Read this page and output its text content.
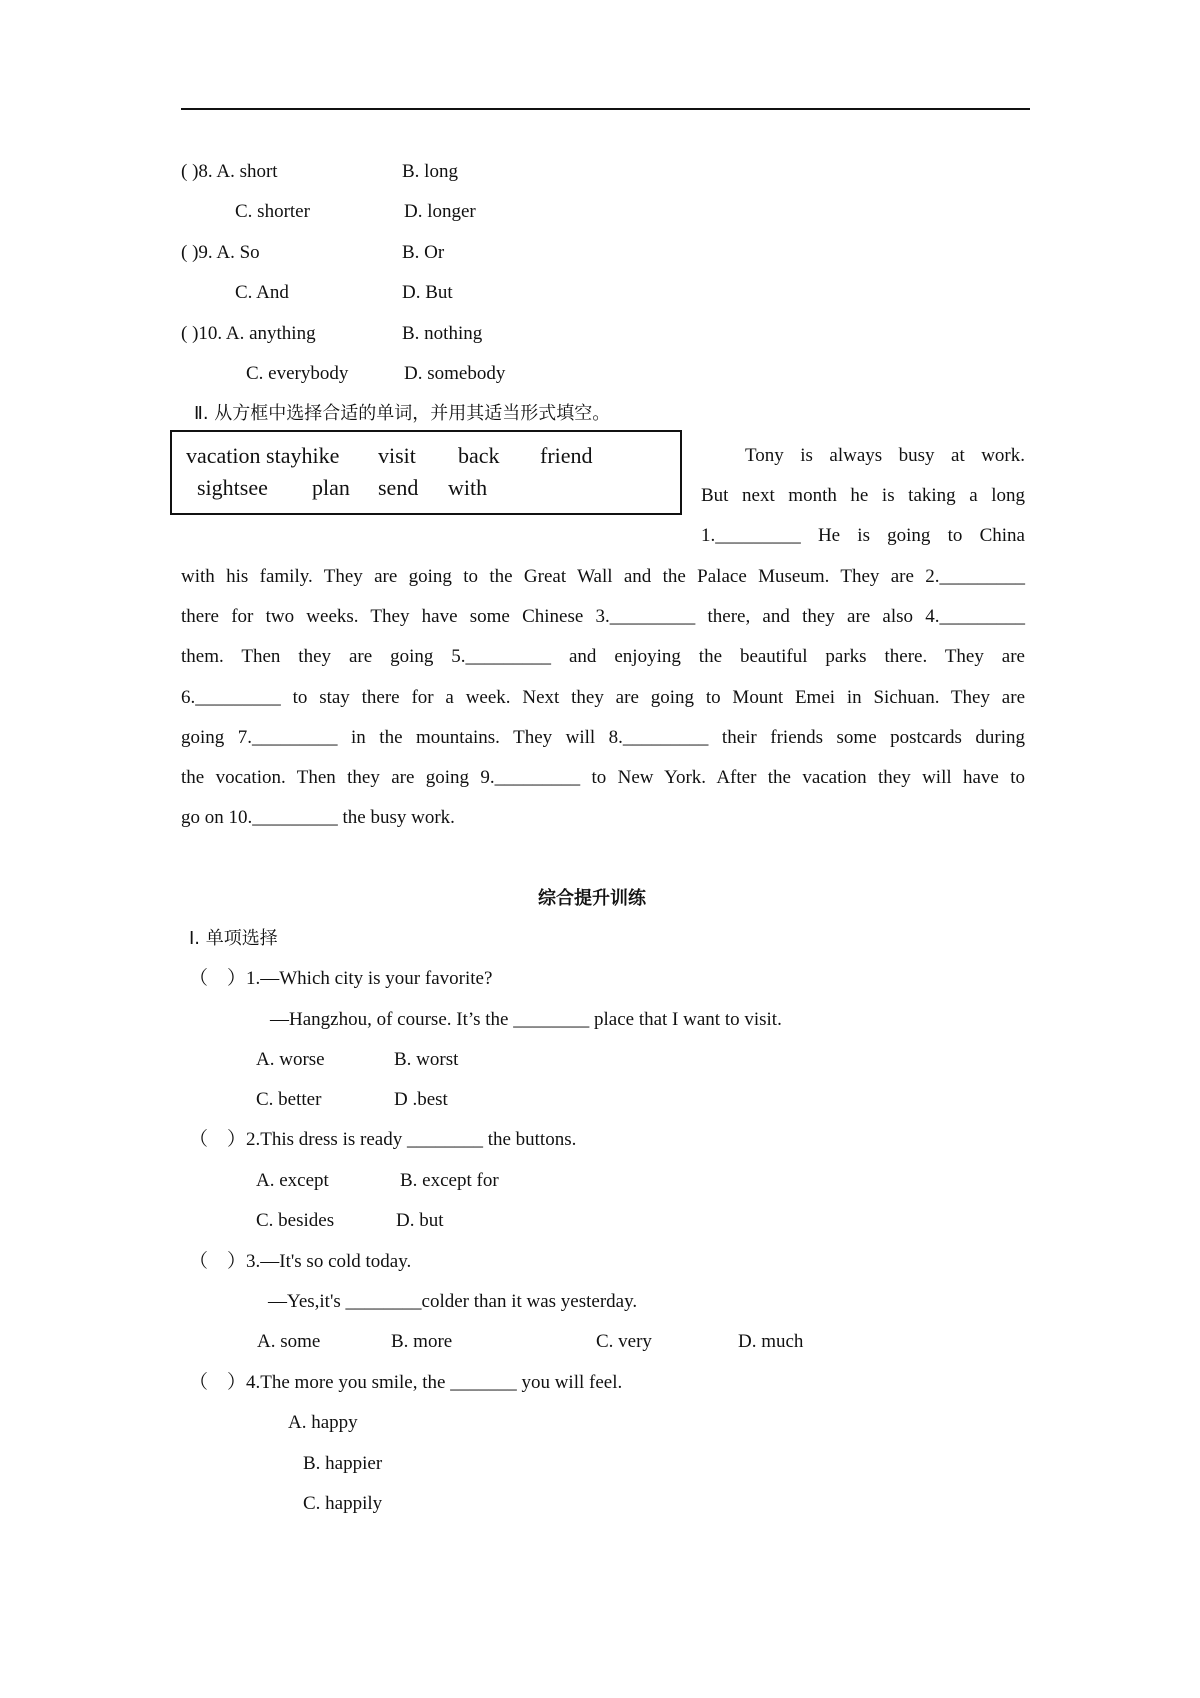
( )8. A. short	B. long
C. shorter	D. longer
( )9. A. So	B. Or
C. And	D. But
( )10. A. anything	B. nothing
C. everybody	D. somebody
Ⅱ. 从方框中选择合适的单词，并用其适当形式填空。
vacation stayhike visit back friend
sightsee plan send with
Tony is always busy at work.
But next month he is taking a long
1._________ He is going to China
with his family. They are going to the Great Wall and the Palace Museum. They are 2._________
there for two weeks. They have some Chinese 3._________ there, and they are also 4._________
them. Then they are going 5._________ and enjoying the beautiful parks there. They are
6._________ to stay there for a week. Next they are going to Mount Emei in Sichuan. They are
going 7._________ in the mountains. They will 8._________ their friends some postcards during
the vocation. Then they are going 9._________ to New York. After the vacation they will have to
go on 10._________ the busy work.
综合提升训练
Ⅰ. 单项选择
（　）1.—Which city is your favorite?
—Hangzhou, of course. It’s the ________ place that I want to visit.
A. worse	B. worst
C. better	D .best
（　）2.This dress is ready ________ the buttons.
A. except	B. except for
C. besides	D. but
（　）3.—It's so cold today.
—Yes,it's ________colder than it was yesterday.
A. some	B. more	C. very	D. much
（　）4.The more you smile, the _______ you will feel.
A. happy
B. happier
C. happily
